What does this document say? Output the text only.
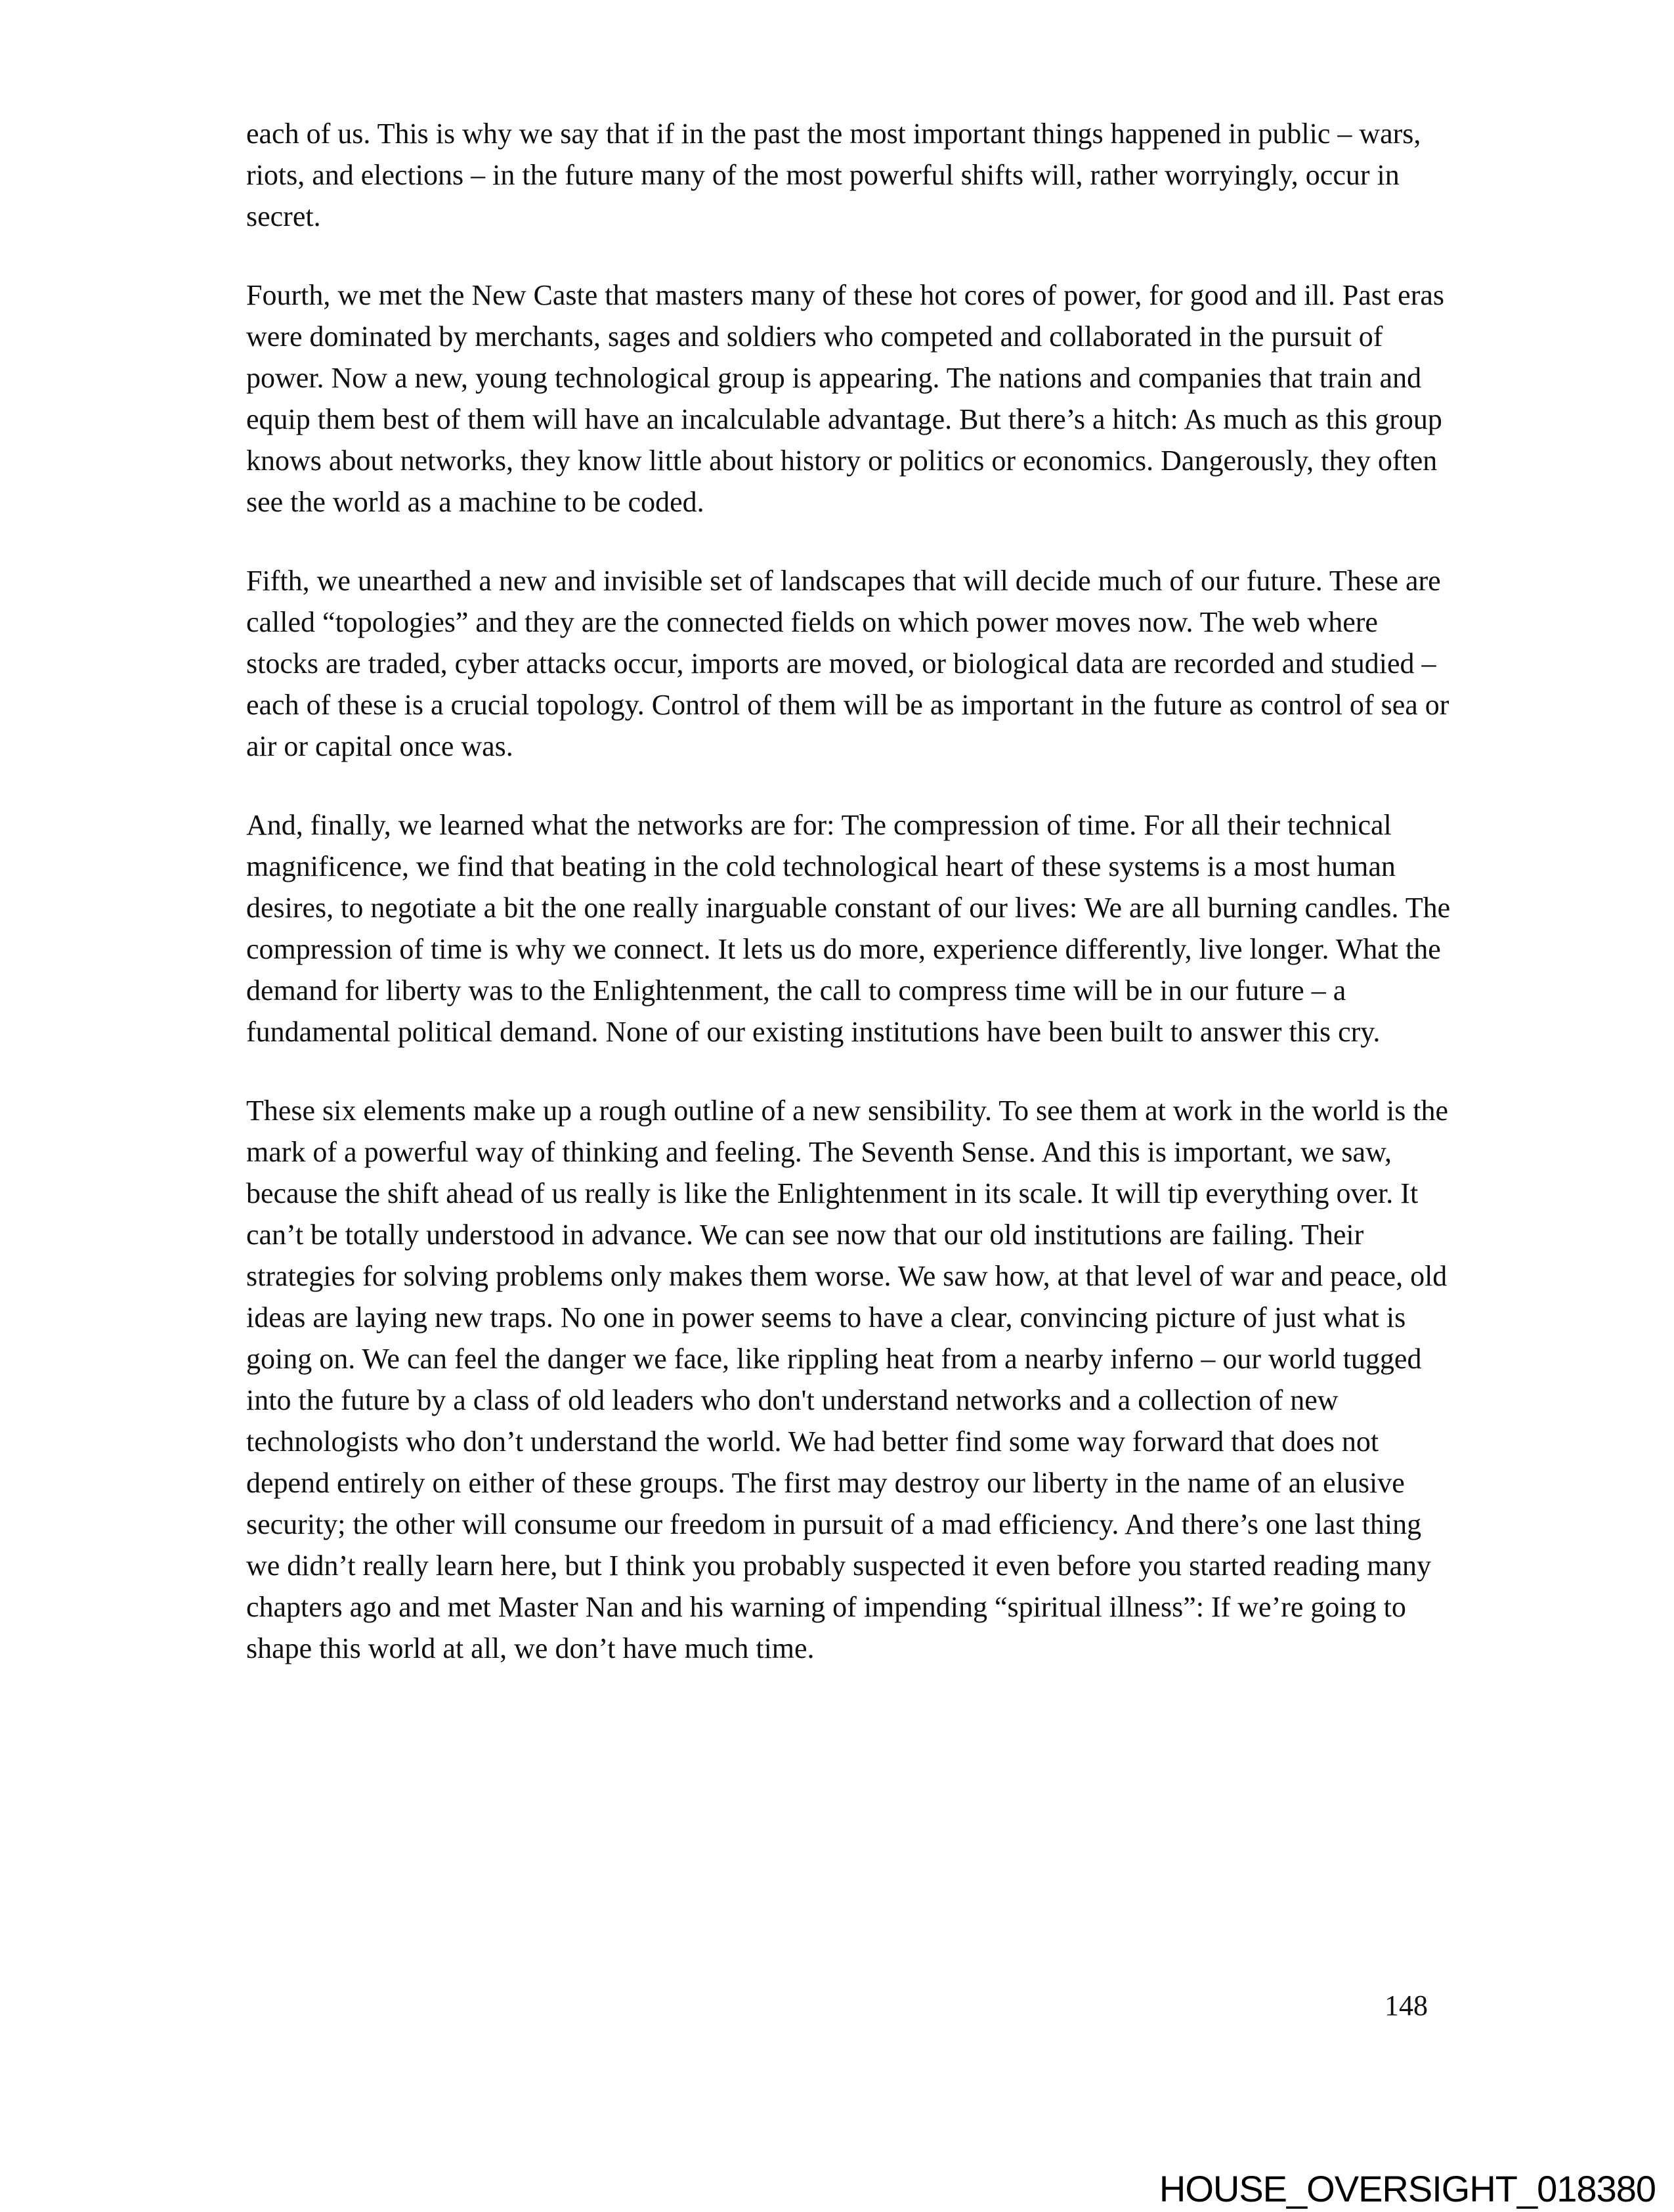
each of us. This is why we say that if in the past the most important things happened in public – wars, riots, and elections – in the future many of the most powerful shifts will, rather worryingly, occur in secret.

Fourth, we met the New Caste that masters many of these hot cores of power, for good and ill. Past eras were dominated by merchants, sages and soldiers who competed and collaborated in the pursuit of power. Now a new, young technological group is appearing. The nations and companies that train and equip them best of them will have an incalculable advantage. But there’s a hitch: As much as this group knows about networks, they know little about history or politics or economics. Dangerously, they often see the world as a machine to be coded.

Fifth, we unearthed a new and invisible set of landscapes that will decide much of our future. These are called “topologies” and they are the connected fields on which power moves now. The web where stocks are traded, cyber attacks occur, imports are moved, or biological data are recorded and studied – each of these is a crucial topology. Control of them will be as important in the future as control of sea or air or capital once was.

And, finally, we learned what the networks are for: The compression of time. For all their technical magnificence, we find that beating in the cold technological heart of these systems is a most human desires, to negotiate a bit the one really inarguable constant of our lives: We are all burning candles. The compression of time is why we connect. It lets us do more, experience differently, live longer. What the demand for liberty was to the Enlightenment, the call to compress time will be in our future – a fundamental political demand. None of our existing institutions have been built to answer this cry.

These six elements make up a rough outline of a new sensibility. To see them at work in the world is the mark of a powerful way of thinking and feeling. The Seventh Sense. And this is important, we saw, because the shift ahead of us really is like the Enlightenment in its scale. It will tip everything over. It can’t be totally understood in advance. We can see now that our old institutions are failing. Their strategies for solving problems only makes them worse. We saw how, at that level of war and peace, old ideas are laying new traps. No one in power seems to have a clear, convincing picture of just what is going on. We can feel the danger we face, like rippling heat from a nearby inferno – our world tugged into the future by a class of old leaders who don't understand networks and a collection of new technologists who don’t understand the world. We had better find some way forward that does not depend entirely on either of these groups. The first may destroy our liberty in the name of an elusive security; the other will consume our freedom in pursuit of a mad efficiency. And there’s one last thing we didn’t really learn here, but I think you probably suspected it even before you started reading many chapters ago and met Master Nan and his warning of impending “spiritual illness”: If we’re going to shape this world at all, we don’t have much time.

148
HOUSE_OVERSIGHT_018380
